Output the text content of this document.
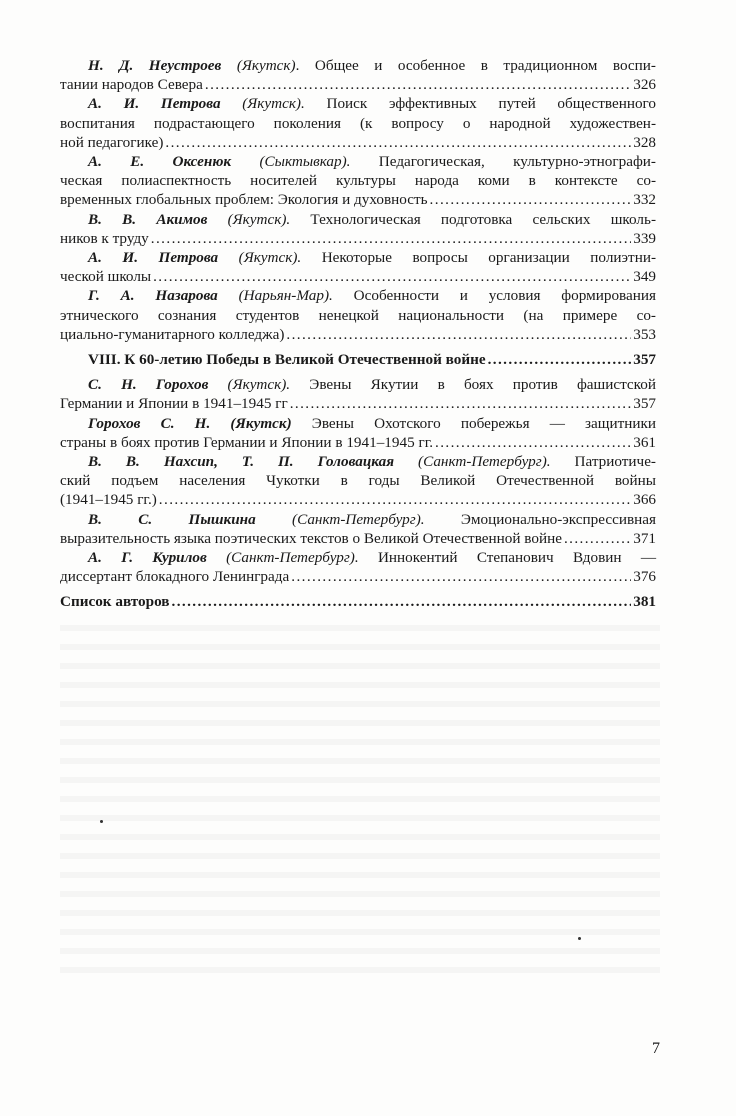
Н. Д. Неустроев (Якутск). Общее и особенное в традиционном воспи-
тании народов Севера .....	326
А. И. Петрова (Якутск). Поиск эффективных путей общественного
воспитания подрастающего поколения (к вопросу о народной художествен-
ной педагогике) .....	328
А. Е. Оксенюк (Сыктывкар). Педагогическая, культурно-этнографи-
ческая полиаспектность носителей культуры народа коми в контексте со-
временных глобальных проблем: Экология и духовность .....	332
В. В. Акимов (Якутск). Технологическая подготовка сельских школь-
ников к труду .....	339
А. И. Петрова (Якутск). Некоторые вопросы организации полиэтни-
ческой школы .....	349
Г. А. Назарова (Нарьян-Мар). Особенности и условия формирования
этнического сознания студентов ненецкой национальности (на примере со-
циально-гуманитарного колледжа) .....	353
VIII. К 60-летию Победы в Великой Отечественной войне .....	357
С. Н. Горохов (Якутск). Эвены Якутии в боях против фашистской
Германии и Японии в 1941–1945 гг .....	357
Горохов С. Н. (Якутск) Эвены Охотского побережья — защитники
страны в боях против Германии и Японии в 1941–1945 гг. .....	361
В. В. Нахсип, Т. П. Головацкая (Санкт-Петербург). Патриотиче-
ский подъем населения Чукотки в годы Великой Отечественной войны
(1941–1945 гг.) .....	366
В. С. Пышкина (Санкт-Петербург). Эмоционально-экспрессивная
выразительность языка поэтических текстов о Великой Отечественной войне .....	371
А. Г. Курилов (Санкт-Петербург). Иннокентий Степанович Вдовин —
диссертант блокадного Ленинграда .....	376
Список авторов .....	381
7
